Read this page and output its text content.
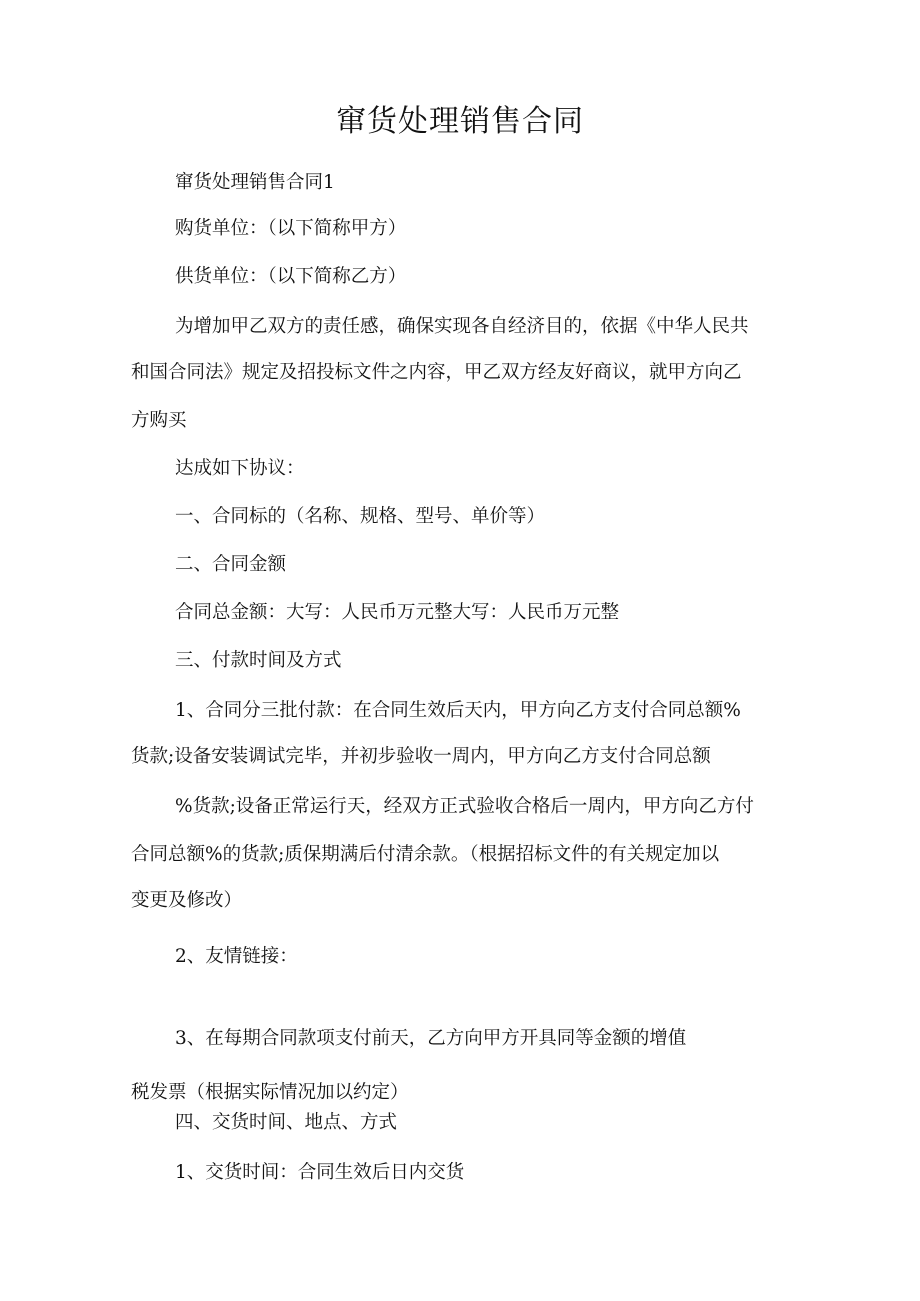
窜货处理销售合同

窜货处理销售合同1

购货单位：（以下简称甲方）

供货单位：（以下简称乙方）

为增加甲乙双方的责任感，确保实现各自经济目的，依据《中华人民共

和国合同法》规定及招投标文件之内容，甲乙双方经友好商议，就甲方向乙

方购买

达成如下协议：

一、合同标的（名称、规格、型号、单价等）

二、合同金额

合同总金额：大写：人民币万元整大写：人民币万元整

三、付款时间及方式

1、合同分三批付款：在合同生效后天内，甲方向乙方支付合同总额%

货款;设备安装调试完毕，并初步验收一周内，甲方向乙方支付合同总额

%货款;设备正常运行天，经双方正式验收合格后一周内，甲方向乙方付

合同总额%的货款;质保期满后付清余款。（根据招标文件的有关规定加以

变更及修改）

2、友情链接：

3、在每期合同款项支付前天，乙方向甲方开具同等金额的增值

税发票（根据实际情况加以约定）

四、交货时间、地点、方式

1、交货时间：合同生效后日内交货
